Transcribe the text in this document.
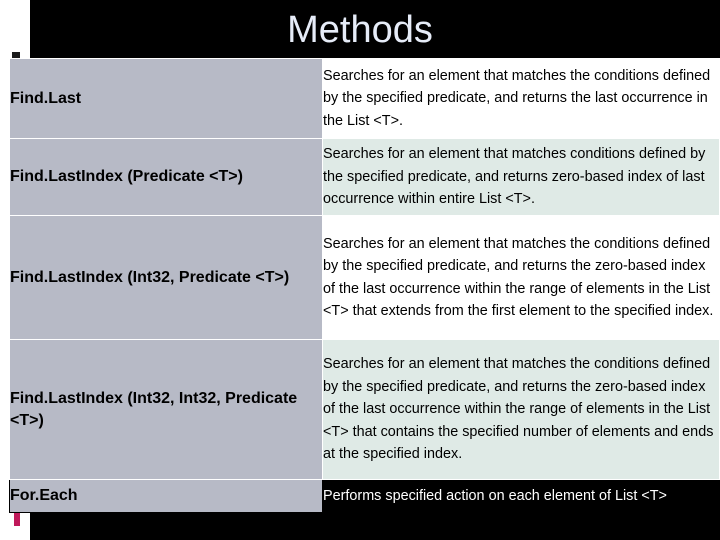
Methods
Find.Last	Searches for an element that matches the conditions defined by the specified predicate, and returns the last occurrence in the List <T>.
Find.LastIndex (Predicate <T>)	Searches for an element that matches conditions defined by the specified predicate, and returns zero-based index of last occurrence within entire List <T>.
Find.LastIndex (Int32, Predicate <T>)	Searches for an element that matches the conditions defined by the specified predicate, and returns the zero-based index of the last occurrence within the range of elements in the List <T> that extends from the first element to the specified index.
Find.LastIndex (Int32, Int32, Predicate <T>)	Searches for an element that matches the conditions defined by the specified predicate, and returns the zero-based index of the last occurrence within the range of elements in the List <T> that contains the specified number of elements and ends at the specified index.
For.Each	Performs specified action on each element of List <T>
